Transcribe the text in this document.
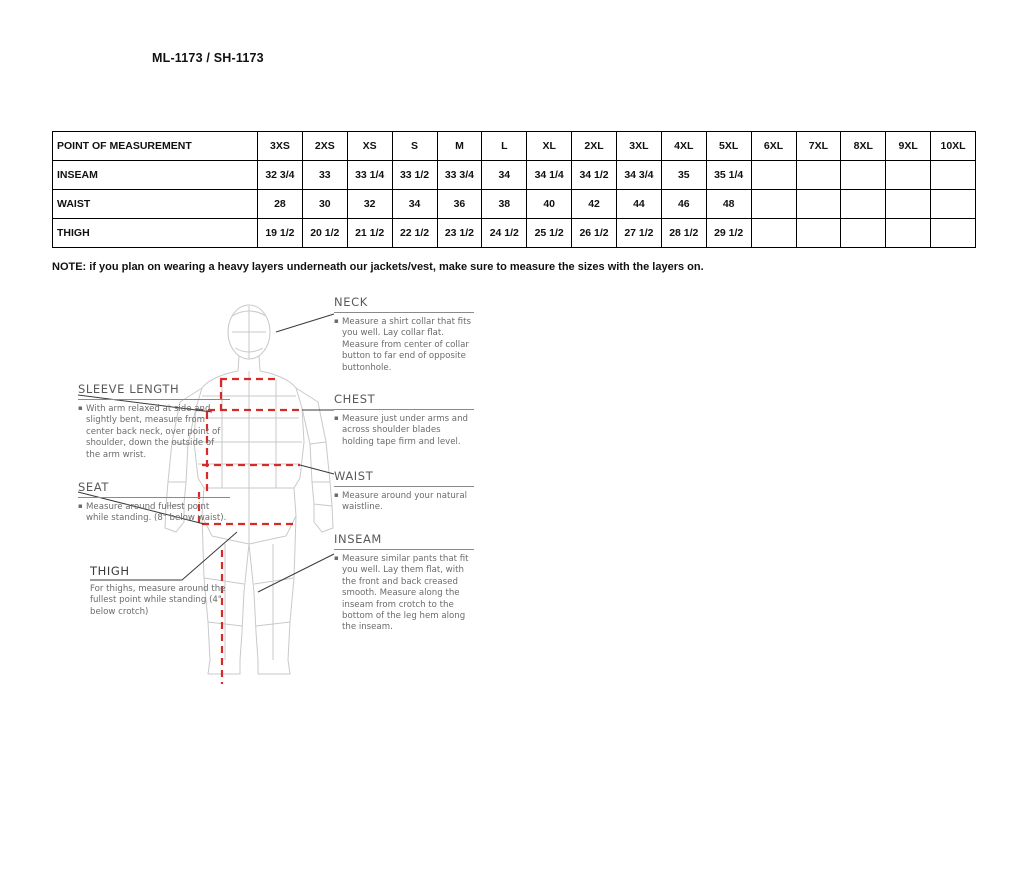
ML-1173 / SH-1173
POINT OF MEASUREMENT	3XS	2XS	XS	S	M	L	XL	2XL	3XL	4XL	5XL	6XL	7XL	8XL	9XL	10XL
INSEAM	32 3/4	33	33 1/4	33 1/2	33 3/4	34	34 1/4	34 1/2	34 3/4	35	35 1/4					
WAIST	28	30	32	34	36	38	40	42	44	46	48					
THIGH	19 1/2	20 1/2	21 1/2	22 1/2	23 1/2	24 1/2	25 1/2	26 1/2	27 1/2	28 1/2	29 1/2					
NOTE: if you plan on wearing a heavy layers underneath our jackets/vest, make sure to measure the sizes with the layers on.
NECK
▪ Measure a shirt collar that fits you well. Lay collar flat. Measure from center of collar button to far end of opposite buttonhole.
CHEST
▪ Measure just under arms and across shoulder blades holding tape firm and level.
WAIST
▪ Measure around your natural waistline.
INSEAM
▪ Measure similar pants that fit you well. Lay them flat, with the front and back creased smooth. Measure along the inseam from crotch to the bottom of the leg hem along the inseam.
SLEEVE LENGTH
▪ With arm relaxed at side and slightly bent, measure from center back neck, over point of shoulder, down the outside of the arm wrist.
SEAT
▪ Measure around fullest point while standing. (8" below waist).
THIGH
For thighs, measure around the fullest point while standing (4" below crotch)
